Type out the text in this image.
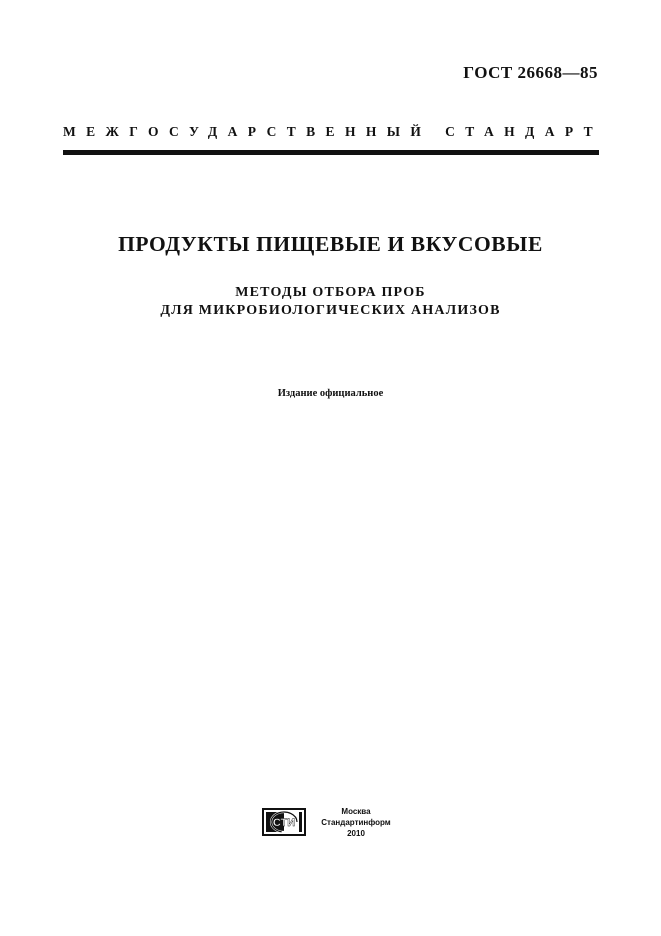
ГОСТ 26668—85
МЕЖГОСУДАРСТВЕННЫЙ СТАНДАРТ
ПРОДУКТЫ ПИЩЕВЫЕ И ВКУСОВЫЕ
МЕТОДЫ ОТБОРА ПРОБ
ДЛЯ МИКРОБИОЛОГИЧЕСКИХ АНАЛИЗОВ
Издание официальное
СТИ
Москва
Стандартинформ
2010
